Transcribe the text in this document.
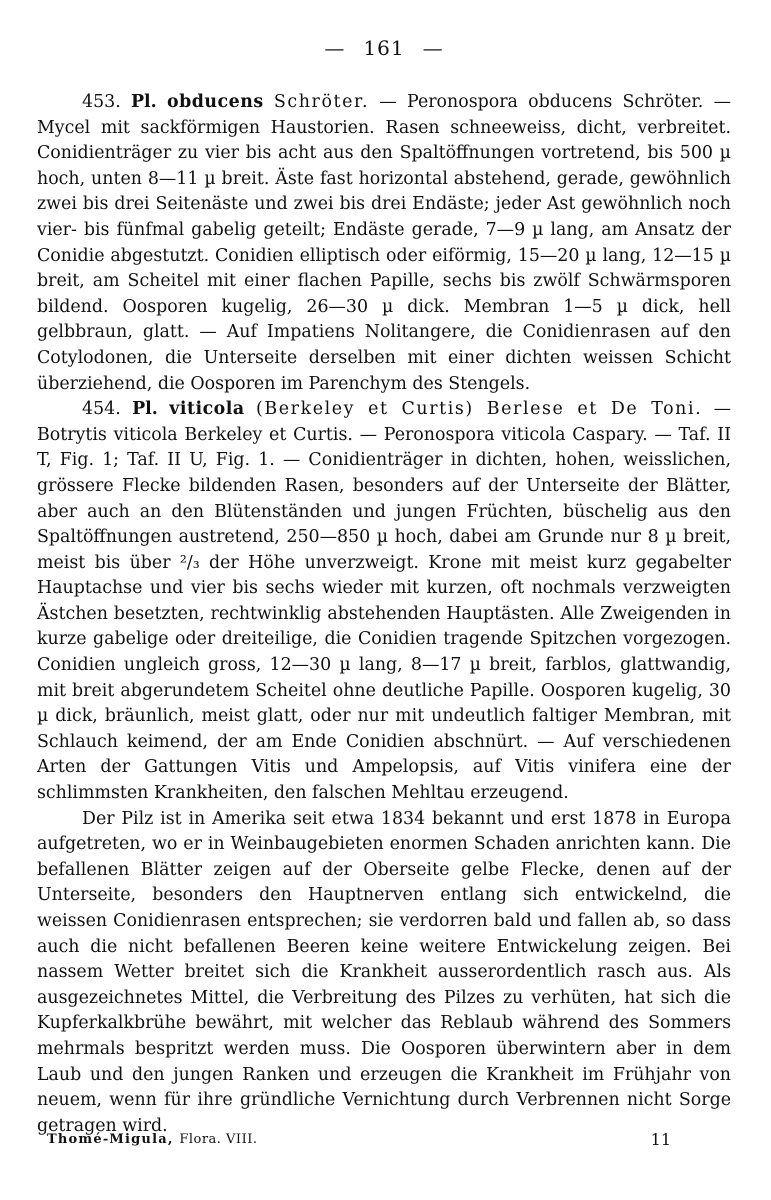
— 161 —

453. Pl. obducens Schröter. — Peronospora obducens Schröter. — Mycel mit sackförmigen Haustorien. Rasen schneeweiss, dicht, verbreitet. Conidienträger zu vier bis acht aus den Spaltöffnungen vortretend, bis 500 µ hoch, unten 8—11 µ breit. Äste fast horizontal abstehend, gerade, gewöhnlich zwei bis drei Seitenäste und zwei bis drei Endäste; jeder Ast gewöhnlich noch vier- bis fünfmal gabelig geteilt; Endäste gerade, 7—9 µ lang, am Ansatz der Conidie abgestutzt. Conidien elliptisch oder eiförmig, 15—20 µ lang, 12—15 µ breit, am Scheitel mit einer flachen Papille, sechs bis zwölf Schwärmsporen bildend. Oosporen kugelig, 26—30 µ dick. Membran 1—5 µ dick, hell gelbbraun, glatt. — Auf Impatiens Nolitangere, die Conidienrasen auf den Cotylodonen, die Unterseite derselben mit einer dichten weissen Schicht überziehend, die Oosporen im Parenchym des Stengels.

454. Pl. viticola (Berkeley et Curtis) Berlese et De Toni. — Botrytis viticola Berkeley et Curtis. — Peronospora viticola Caspary. — Taf. II T, Fig. 1; Taf. II U, Fig. 1. — Conidienträger in dichten, hohen, weisslichen, grössere Flecke bildenden Rasen, besonders auf der Unterseite der Blätter, aber auch an den Blütenständen und jungen Früchten, büschelig aus den Spaltöffnungen austretend, 250—850 µ hoch, dabei am Grunde nur 8 µ breit, meist bis über ²/₃ der Höhe unverzweigt. Krone mit meist kurz gegabelter Hauptachse und vier bis sechs wieder mit kurzen, oft nochmals verzweigten Ästchen besetzten, rechtwinklig abstehenden Hauptästen. Alle Zweigenden in kurze gabelige oder dreiteilige, die Conidien tragende Spitzchen vorgezogen. Conidien ungleich gross, 12—30 µ lang, 8—17 µ breit, farblos, glattwandig, mit breit abgerundetem Scheitel ohne deutliche Papille. Oosporen kugelig, 30 µ dick, bräunlich, meist glatt, oder nur mit undeutlich faltiger Membran, mit Schlauch keimend, der am Ende Conidien abschnürt. — Auf verschiedenen Arten der Gattungen Vitis und Ampelopsis, auf Vitis vinifera eine der schlimmsten Krankheiten, den falschen Mehltau erzeugend.

Der Pilz ist in Amerika seit etwa 1834 bekannt und erst 1878 in Europa aufgetreten, wo er in Weinbaugebieten enormen Schaden anrichten kann. Die befallenen Blätter zeigen auf der Oberseite gelbe Flecke, denen auf der Unterseite, besonders den Hauptnerven entlang sich entwickelnd, die weissen Conidienrasen entsprechen; sie verdorren bald und fallen ab, so dass auch die nicht befallenen Beeren keine weitere Entwickelung zeigen. Bei nassem Wetter breitet sich die Krankheit ausserordentlich rasch aus. Als ausgezeichnetes Mittel, die Verbreitung des Pilzes zu verhüten, hat sich die Kupferkalkbrühe bewährt, mit welcher das Reblaub während des Sommers mehrmals bespritzt werden muss. Die Oosporen überwintern aber in dem Laub und den jungen Ranken und erzeugen die Krankheit im Frühjahr von neuem, wenn für ihre gründliche Vernichtung durch Verbrennen nicht Sorge getragen wird.

Thomé-Migula, Flora. VIII.	11
